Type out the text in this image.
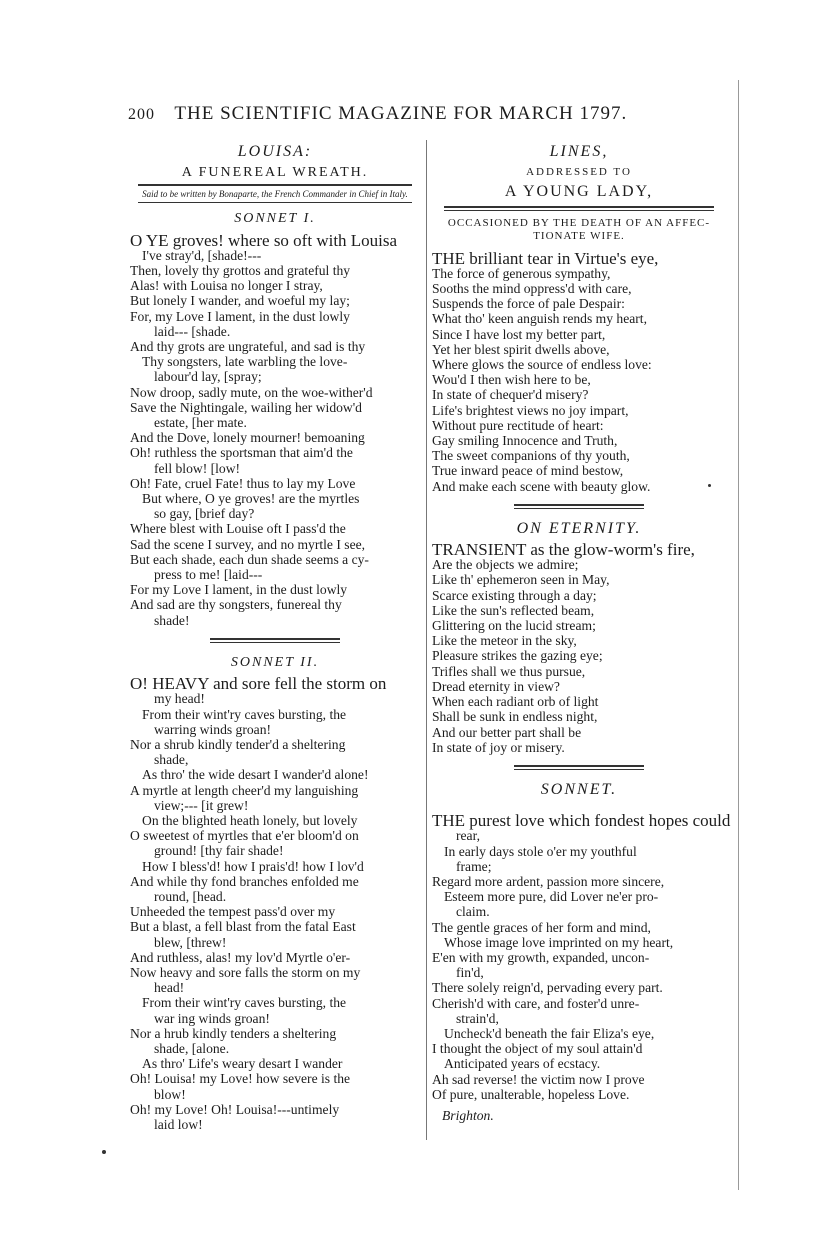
200 THE SCIENTIFIC MAGAZINE FOR MARCH 1797.
LOUISA:
A FUNEREAL WREATH.
Said to be written by Bonaparte, the French Commander in Chief in Italy.
SONNET I.
O YE groves! where so oft with Louisa
I've stray'd, [shade!---
Then, lovely thy grottos and grateful thy
Alas! with Louisa no longer I stray,
But lonely I wander, and woeful my lay;
For, my Love I lament, in the dust lowly
laid--- [shade.
And thy grots are ungrateful, and sad is thy
Thy songsters, late warbling the love-
labour'd lay, [spray;
Now droop, sadly mute, on the woe-wither'd
Save the Nightingale, wailing her widow'd
estate, [her mate.
And the Dove, lonely mourner! bemoaning
Oh! ruthless the sportsman that aim'd the
fell blow! [low!
Oh! Fate, cruel Fate! thus to lay my Love
But where, O ye groves! are the myrtles
so gay, [brief day?
Where blest with Louise oft I pass'd the
Sad the scene I survey, and no myrtle I see,
But each shade, each dun shade seems a cy-
press to me! [laid---
For my Love I lament, in the dust lowly
And sad are thy songsters, funereal thy
shade!
SONNET II.
O! HEAVY and sore fell the storm on
my head!
From their wint'ry caves bursting, the
warring winds groan!
Nor a shrub kindly tender'd a sheltering
shade,
As thro' the wide desart I wander'd alone!
A myrtle at length cheer'd my languishing
view;--- [it grew!
On the blighted heath lonely, but lovely
O sweetest of myrtles that e'er bloom'd on
ground! [thy fair shade!
How I bless'd! how I prais'd! how I lov'd
And while thy fond branches enfolded me
round, [head.
Unheeded the tempest pass'd over my
But a blast, a fell blast from the fatal East
blew, [threw!
And ruthless, alas! my lov'd Myrtle o'er-
Now heavy and sore falls the storm on my
head!
From their wint'ry caves bursting, the
war ing winds groan!
Nor a hrub kindly tenders a sheltering
shade, [alone.
As thro' Life's weary desart I wander
Oh! Louisa! my Love! how severe is the
blow!
Oh! my Love! Oh! Louisa!---untimely
laid low!
LINES,
ADDRESSED TO
A YOUNG LADY,
OCCASIONED BY THE DEATH OF AN AFFEC-TIONATE WIFE.
THE brilliant tear in Virtue's eye,
The force of generous sympathy,
Sooths the mind oppress'd with care,
Suspends the force of pale Despair:
What tho' keen anguish rends my heart,
Since I have lost my better part,
Yet her blest spirit dwells above,
Where glows the source of endless love:
Wou'd I then wish here to be,
In state of chequer'd misery?
Life's brightest views no joy impart,
Without pure rectitude of heart:
Gay smiling Innocence and Truth,
The sweet companions of thy youth,
True inward peace of mind bestow,
And make each scene with beauty glow.
ON ETERNITY.
TRANSIENT as the glow-worm's fire,
Are the objects we admire;
Like th' ephemeron seen in May,
Scarce existing through a day;
Like the sun's reflected beam,
Glittering on the lucid stream;
Like the meteor in the sky,
Pleasure strikes the gazing eye;
Trifles shall we thus pursue,
Dread eternity in view?
When each radiant orb of light
Shall be sunk in endless night,
And our better part shall be
In state of joy or misery.
SONNET.
THE purest love which fondest hopes could
rear,
In early days stole o'er my youthful
frame;
Regard more ardent, passion more sincere,
Esteem more pure, did Lover ne'er pro-
claim.
The gentle graces of her form and mind,
Whose image love imprinted on my heart,
E'en with my growth, expanded, uncon-
fin'd,
There solely reign'd, pervading every part.
Cherish'd with care, and foster'd unre-
strain'd,
Uncheck'd beneath the fair Eliza's eye,
I thought the object of my soul attain'd
Anticipated years of ecstacy.
Ah sad reverse! the victim now I prove
Of pure, unalterable, hopeless Love.
Brighton.
